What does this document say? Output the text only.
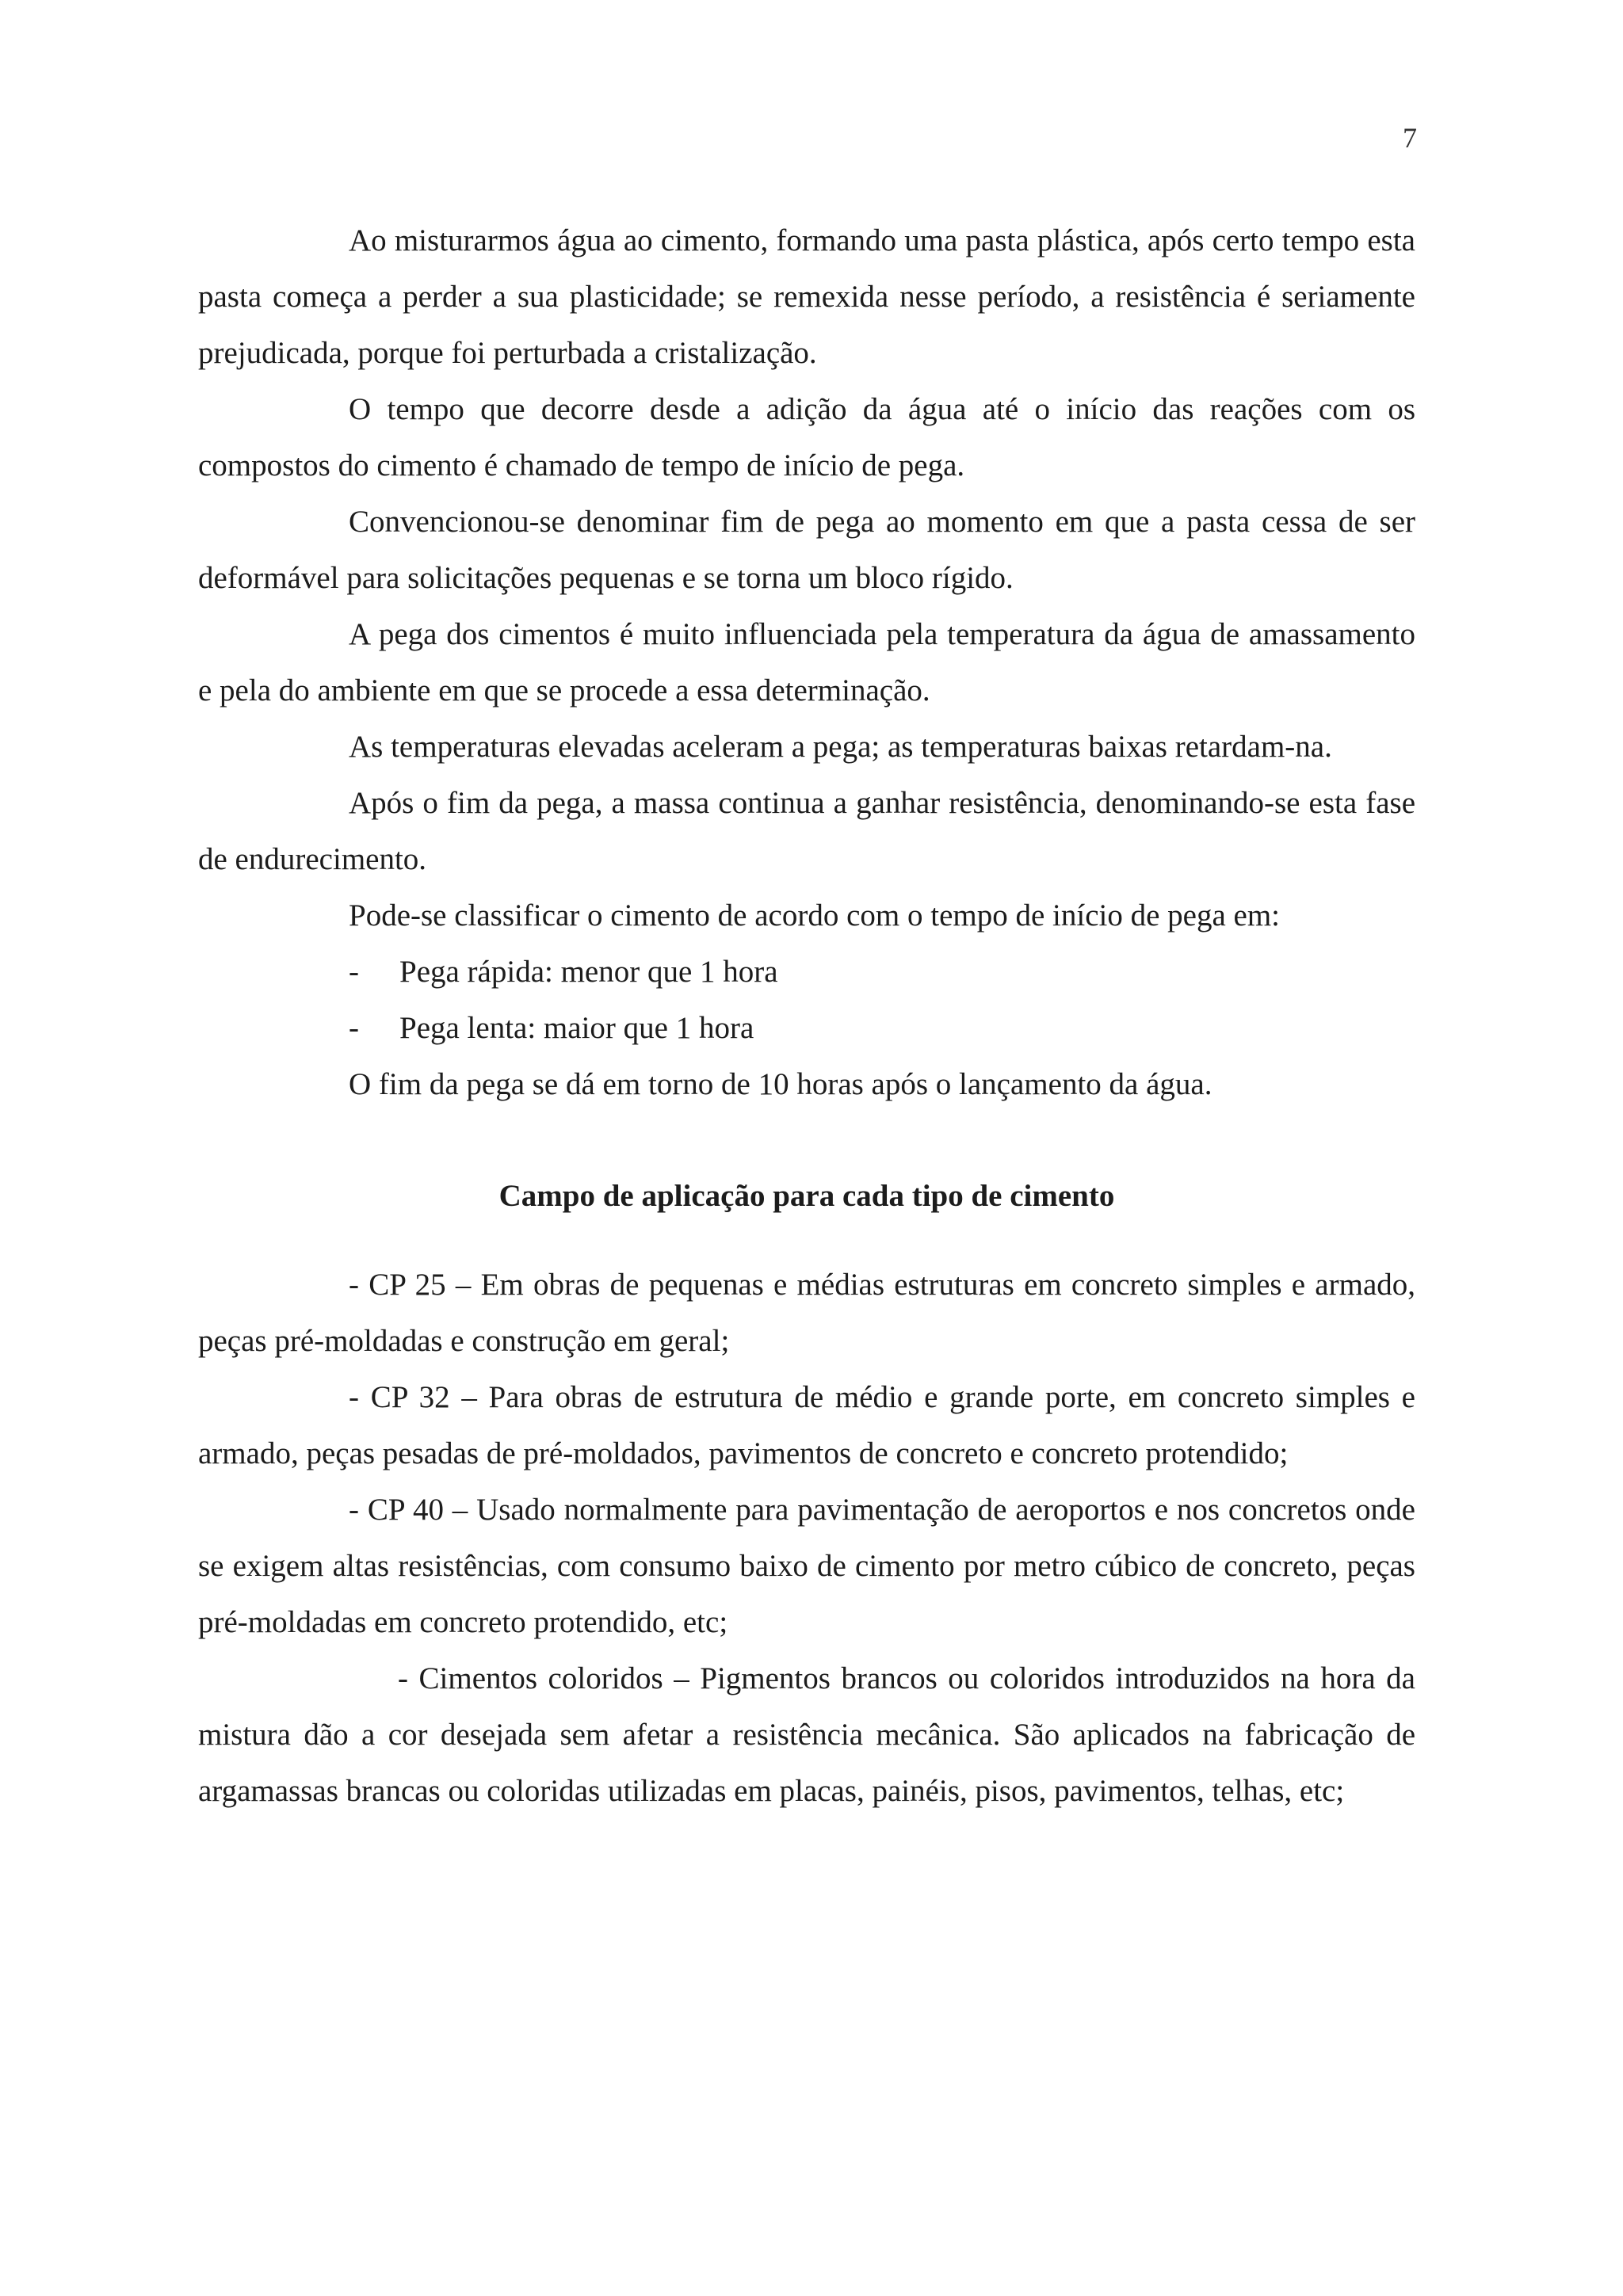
7

Ao misturarmos água ao cimento, formando uma pasta plástica, após certo tempo esta pasta começa a perder a sua plasticidade; se remexida nesse período, a resistência é seriamente prejudicada, porque foi perturbada a cristalização.

O tempo que decorre desde a adição da água até o início das reações com os compostos do cimento é chamado de tempo de início de pega.

Convencionou-se denominar fim de pega ao momento em que a pasta cessa de ser deformável para solicitações pequenas e se torna um bloco rígido.

A pega dos cimentos é muito influenciada pela temperatura da água de amassamento e pela do ambiente em que se procede a essa determinação.

As temperaturas elevadas aceleram a pega; as temperaturas baixas retardam-na.

Após o fim da pega, a massa continua a ganhar resistência, denominando-se esta fase de endurecimento.

Pode-se classificar o cimento de acordo com o tempo de início de pega em:

-	Pega rápida: menor que 1 hora
-	Pega lenta: maior que 1 hora

O fim da pega se dá em torno de 10 horas após o lançamento da água.

Campo de aplicação para cada tipo de cimento

- CP 25 – Em obras de pequenas e médias estruturas em concreto simples e armado, peças pré-moldadas e construção em geral;

- CP 32 – Para obras de estrutura de médio e grande porte, em concreto simples e armado, peças pesadas de pré-moldados, pavimentos de concreto e concreto protendido;

- CP 40 – Usado normalmente para pavimentação de aeroportos e nos concretos onde se exigem altas resistências, com consumo baixo de cimento por metro cúbico de concreto, peças pré-moldadas em concreto protendido, etc;

- Cimentos coloridos – Pigmentos brancos ou coloridos introduzidos na hora da mistura dão a cor desejada sem afetar a resistência mecânica. São aplicados na fabricação de argamassas brancas ou coloridas utilizadas em placas, painéis, pisos, pavimentos, telhas, etc;
